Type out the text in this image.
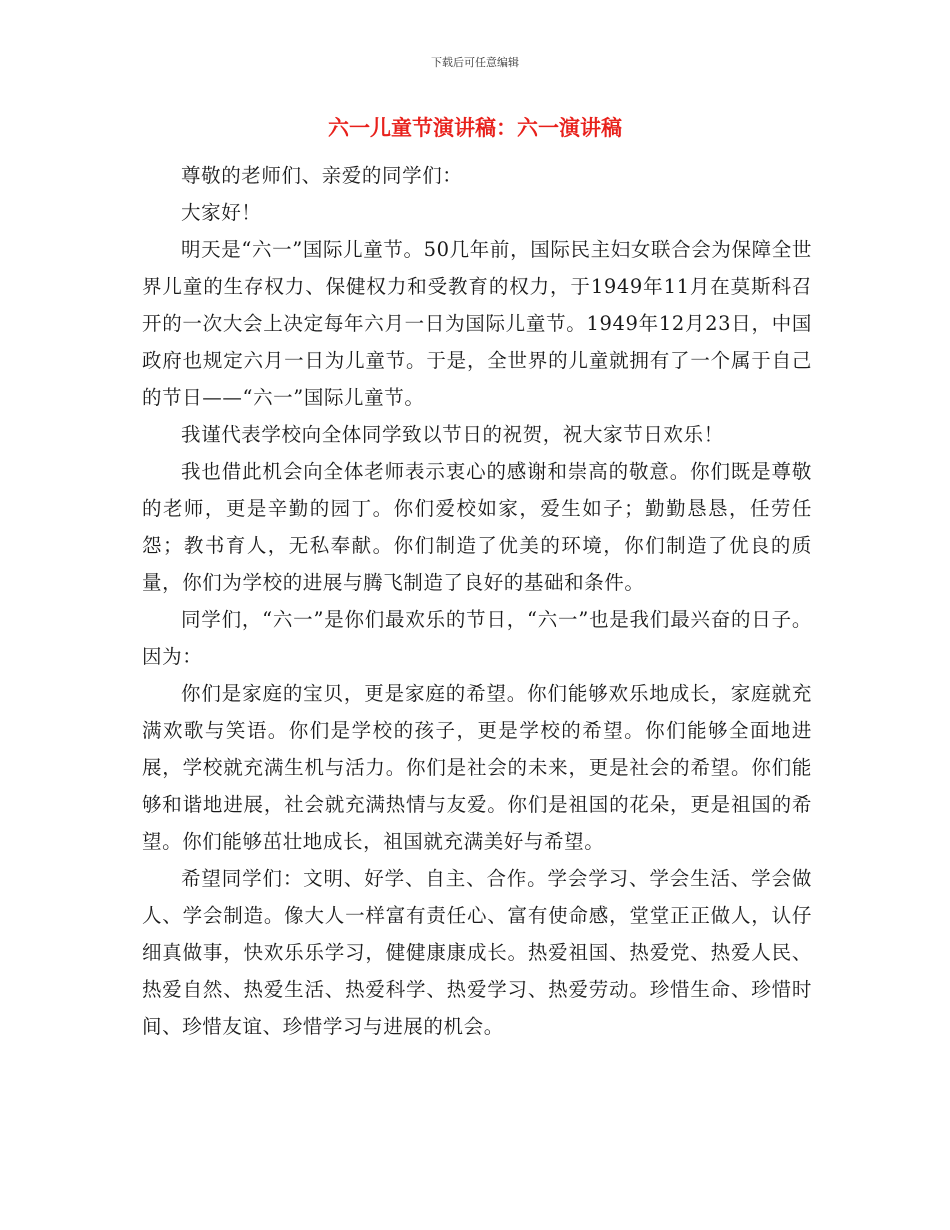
下载后可任意编辑
六一儿童节演讲稿：六一演讲稿

尊敬的老师们、亲爱的同学们：

大家好！

明天是“六一”国际儿童节。50几年前，国际民主妇女联合会为保障全世界儿童的生存权力、保健权力和受教育的权力，于1949年11月在莫斯科召开的一次大会上决定每年六月一日为国际儿童节。1949年12月23日，中国政府也规定六月一日为儿童节。于是，全世界的儿童就拥有了一个属于自己的节日——“六一”国际儿童节。

我谨代表学校向全体同学致以节日的祝贺，祝大家节日欢乐！

我也借此机会向全体老师表示衷心的感谢和崇高的敬意。你们既是尊敬的老师，更是辛勤的园丁。你们爱校如家，爱生如子；勤勤恳恳，任劳任怨；教书育人，无私奉献。你们制造了优美的环境，你们制造了优良的质量，你们为学校的进展与腾飞制造了良好的基础和条件。

同学们，“六一”是你们最欢乐的节日，“六一”也是我们最兴奋的日子。因为：

你们是家庭的宝贝，更是家庭的希望。你们能够欢乐地成长，家庭就充满欢歌与笑语。你们是学校的孩子，更是学校的希望。你们能够全面地进展，学校就充满生机与活力。你们是社会的未来，更是社会的希望。你们能够和谐地进展，社会就充满热情与友爱。你们是祖国的花朵，更是祖国的希望。你们能够茁壮地成长，祖国就充满美好与希望。

希望同学们：文明、好学、自主、合作。学会学习、学会生活、学会做人、学会制造。像大人一样富有责任心、富有使命感，堂堂正正做人，认仔细真做事，快欢乐乐学习，健健康康成长。热爱祖国、热爱党、热爱人民、热爱自然、热爱生活、热爱科学、热爱学习、热爱劳动。珍惜生命、珍惜时间、珍惜友谊、珍惜学习与进展的机会。
